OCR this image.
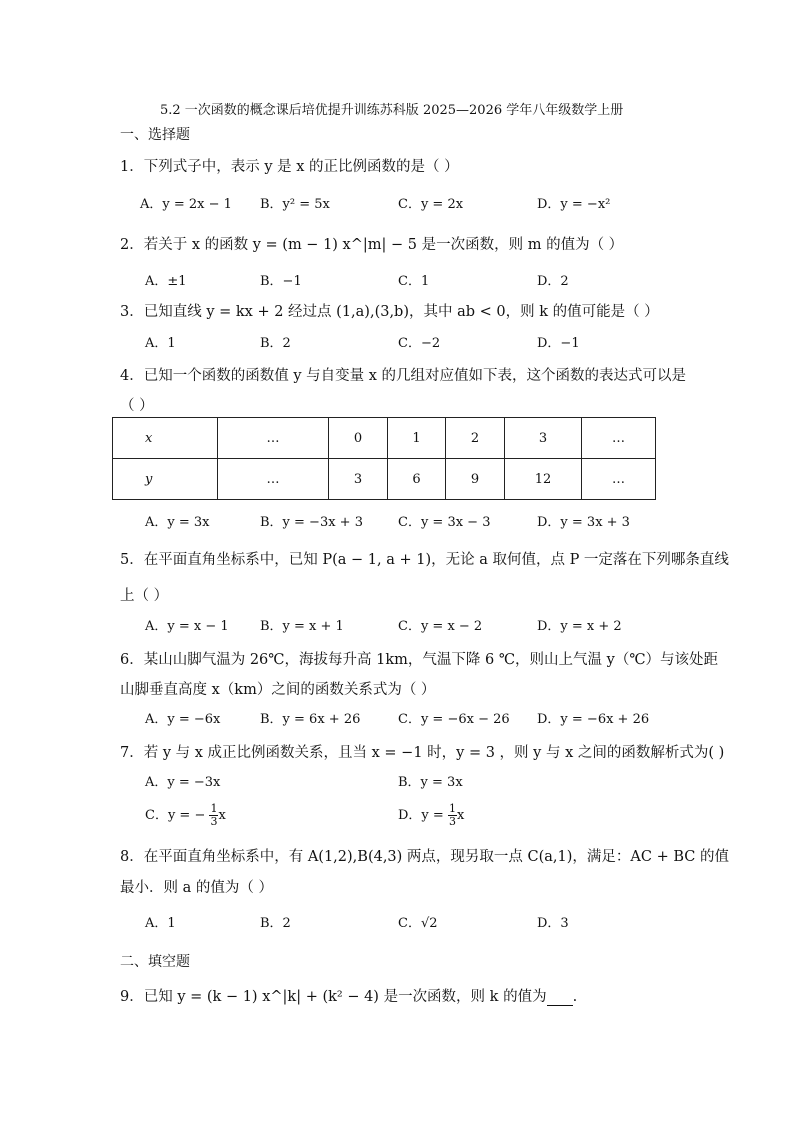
5.2 一次函数的概念课后培优提升训练苏科版 2025—2026 学年八年级数学上册
一、选择题
1．下列式子中，表示 y 是 x 的正比例函数的是（ ）
A．y = 2x − 1 B．y² = 5x	C．y = 2x	D．y = −x²
2．若关于 x 的函数 y = (m − 1) x^|m| − 5 是一次函数，则 m 的值为（ ）
A．±1	B．−1	C．1	D．2
3．已知直线 y = kx + 2 经过点 (1,a),(3,b)，其中 ab < 0，则 k 的值可能是（ ）
A．1	B．2	C．−2	D．−1
4．已知一个函数的函数值 y 与自变量 x 的几组对应值如下表，这个函数的表达式可以是
（ ）
x	…	0	1	2	3	…
y	…	3	6	9	12	…
A．y = 3x	B．y = −3x + 3	C．y = 3x − 3	D．y = 3x + 3
5．在平面直角坐标系中，已知 P(a − 1, a + 1)，无论 a 取何值，点 P 一定落在下列哪条直线
上（ ）
A．y = x − 1 B．y = x + 1	C．y = x − 2	D．y = x + 2
6．某山山脚气温为 26℃，海拔每升高 1km，气温下降 6 ℃，则山上气温 y（℃）与该处距
山脚垂直高度 x（km）之间的函数关系式为（ ）
A．y = −6x	B．y = 6x + 26	C．y = −6x − 26 D．y = −6x + 26
7．若 y 与 x 成正比例函数关系，且当 x = −1 时，y = 3 ，则 y 与 x 之间的函数解析式为( )
A．y = −3x	B．y = 3x
C．y = − $\frac{1}{3}$ x	D．$y = \frac{1}{3}$ x
8．在平面直角坐标系中，有 A(1,2),B(4,3) 两点，现另取一点 C(a,1)，满足：AC + BC 的值
最小．则 a 的值为（ ）
A．1	B．2	C．√2	D．3
二、填空题
9．已知 y = (k − 1) x^|k| + (k² − 4) 是一次函数，则 k 的值为 .
